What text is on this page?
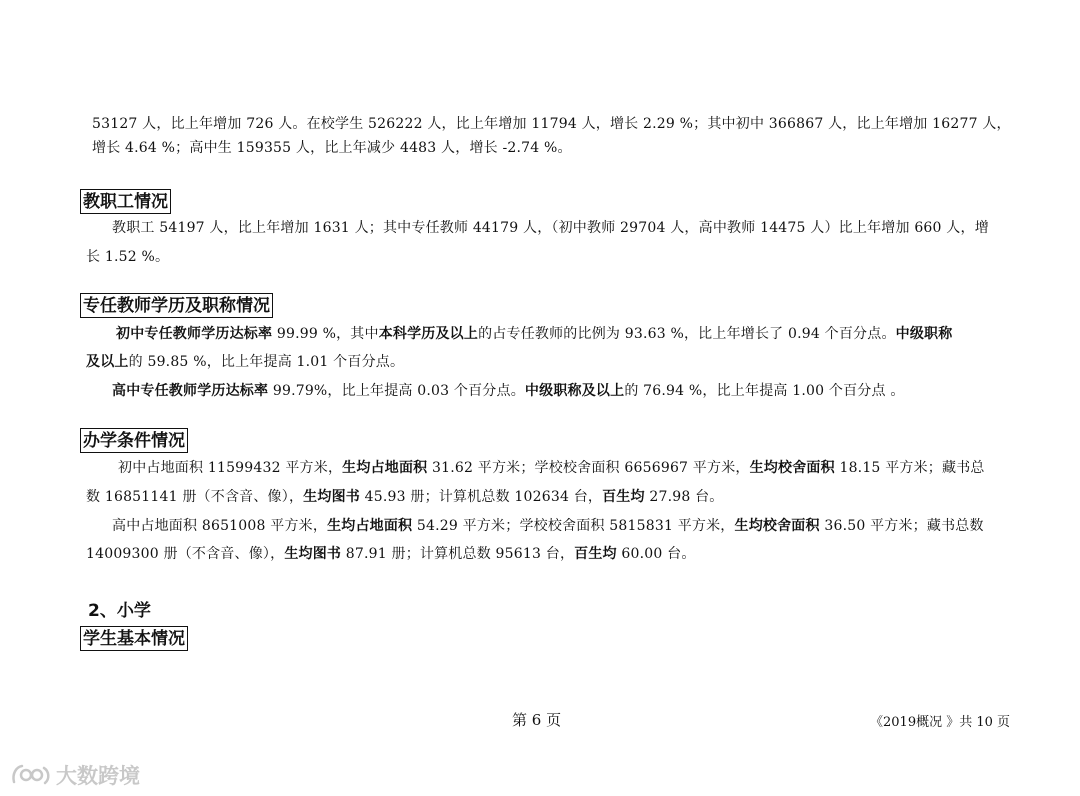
53127 人，比上年增加 726 人。在校学生 526222 人，比上年增加 11794 人，增长 2.29 %；其中初中 366867 人，比上年增加 16277 人，
增长 4.64 %；高中生 159355 人，比上年减少 4483 人，增长 -2.74 %。
教职工情况
教职工 54197 人，比上年增加 1631 人；其中专任教师 44179 人，（初中教师 29704 人，高中教师 14475 人）比上年增加 660 人，增
长 1.52 %。
专任教师学历及职称情况
初中专任教师学历达标率 99.99 %，其中本科学历及以上的占专任教师的比例为 93.63 %，比上年增长了 0.94 个百分点。中级职称
及以上的 59.85 %，比上年提高 1.01 个百分点。
高中专任教师学历达标率 99.79%，比上年提高 0.03 个百分点。中级职称及以上的 76.94 %，比上年提高 1.00 个百分点 。
办学条件情况
初中占地面积 11599432 平方米，生均占地面积 31.62 平方米；学校校舍面积 6656967 平方米，生均校舍面积 18.15 平方米；藏书总
数 16851141 册（不含音、像），生均图书 45.93 册；计算机总数 102634 台，百生均 27.98 台。
高中占地面积 8651008 平方米，生均占地面积 54.29 平方米；学校校舍面积 5815831 平方米，生均校舍面积 36.50 平方米；藏书总数
14009300 册（不含音、像），生均图书 87.91 册；计算机总数 95613 台，百生均 60.00 台。
2、小学
学生基本情况
第 6 页	《2019概况 》共 10 页
大数跨境
